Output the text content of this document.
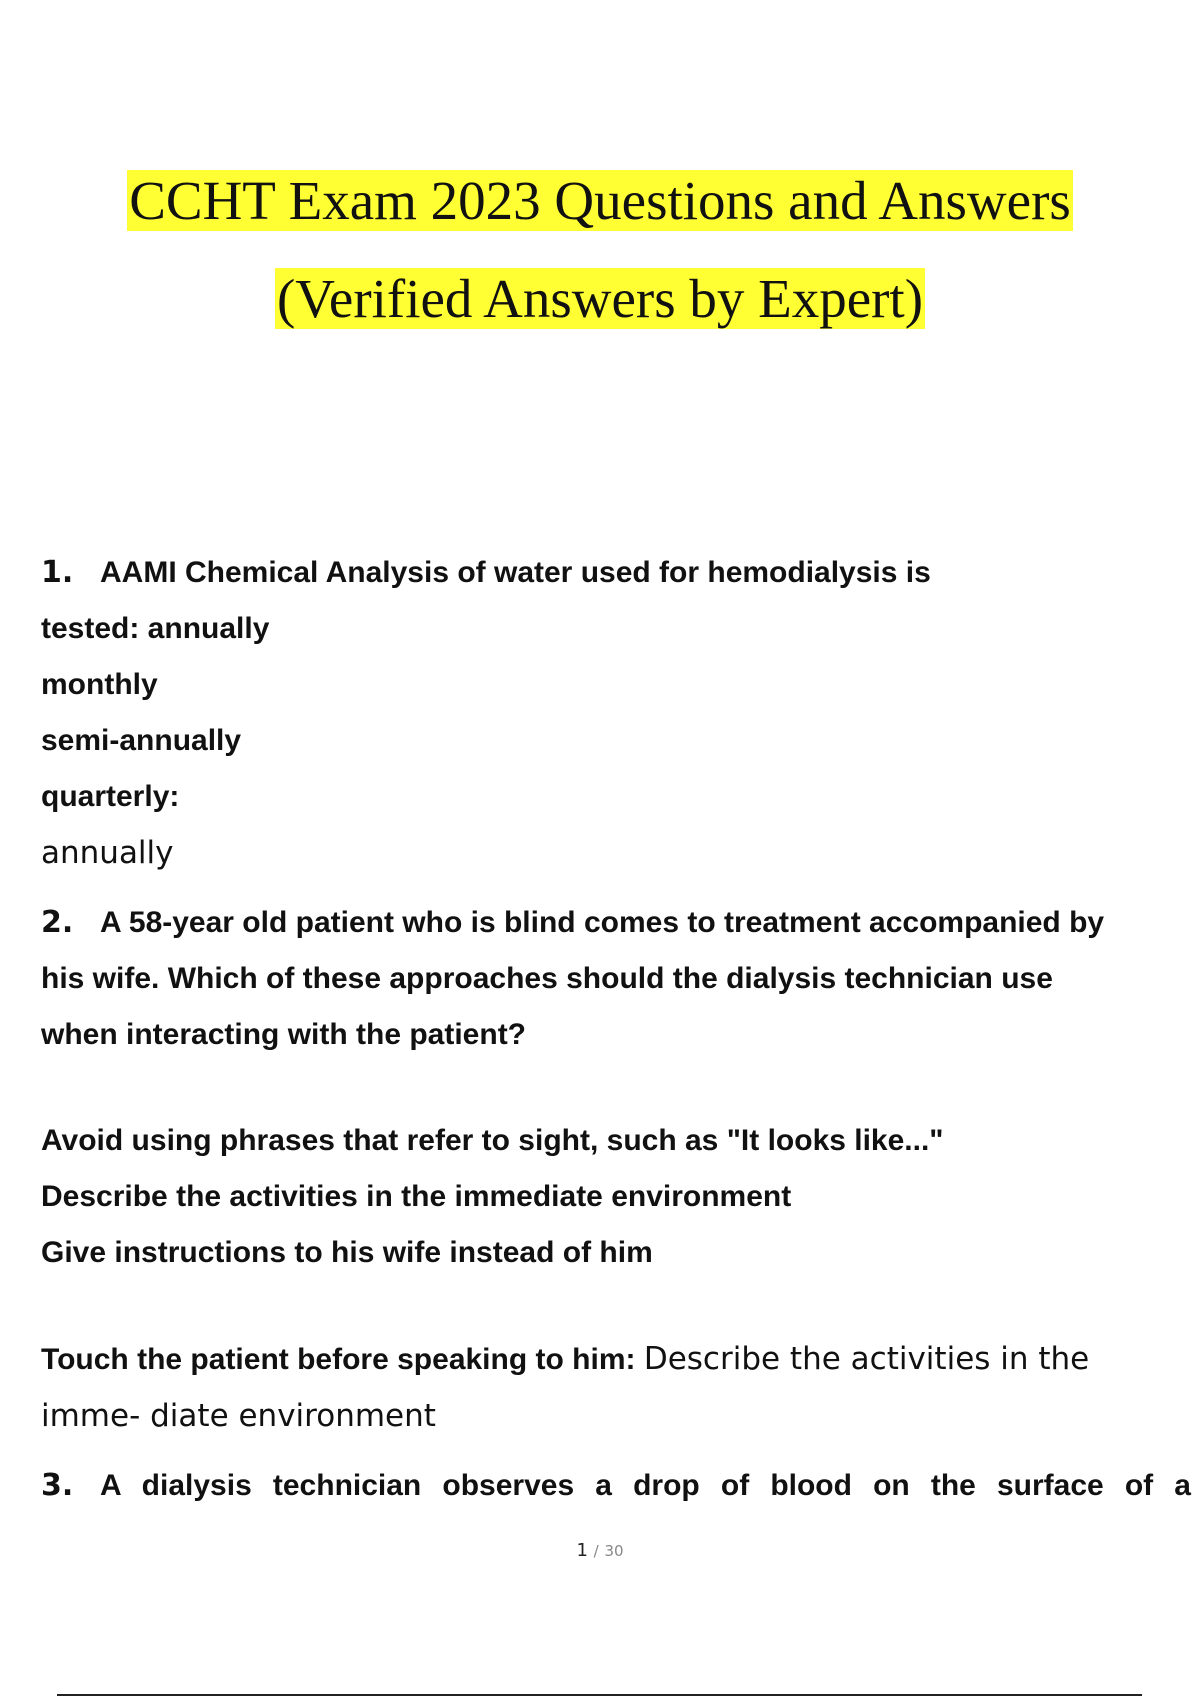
CCHT Exam 2023 Questions and Answers
(Verified Answers by Expert)
1. AAMI Chemical Analysis of water used for hemodialysis is
tested: annually
monthly
semi-annually
quarterly:
annually
2. A 58-year old patient who is blind comes to treatment accompanied by
his wife. Which of these approaches should the dialysis technician use
when interacting with the patient?
Avoid using phrases that refer to sight, such as "It looks like..."
Describe the activities in the immediate environment
Give instructions to his wife instead of him
Touch the patient before speaking to him: Describe the activities in the
imme- diate environment
3. A dialysis technician observes a drop of blood on the surface of a
1 / 30
